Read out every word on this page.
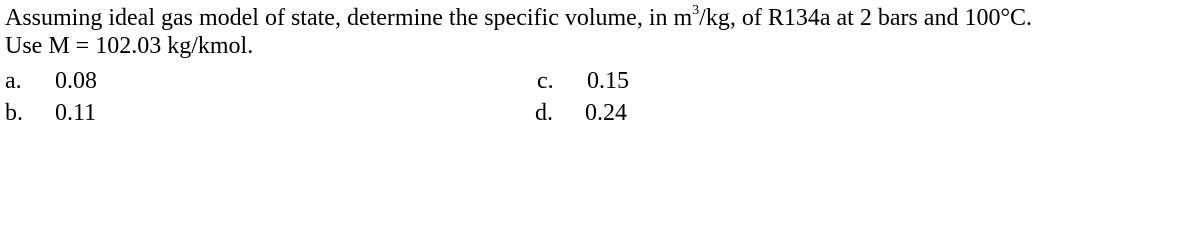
Assuming ideal gas model of state, determine the specific volume, in $m^3/kg$, of R134a at 2 bars and 100°C.
Use M = 102.03 kg/kmol.
a. 0.08
b. 0.11
c. 0.15
d. 0.24
